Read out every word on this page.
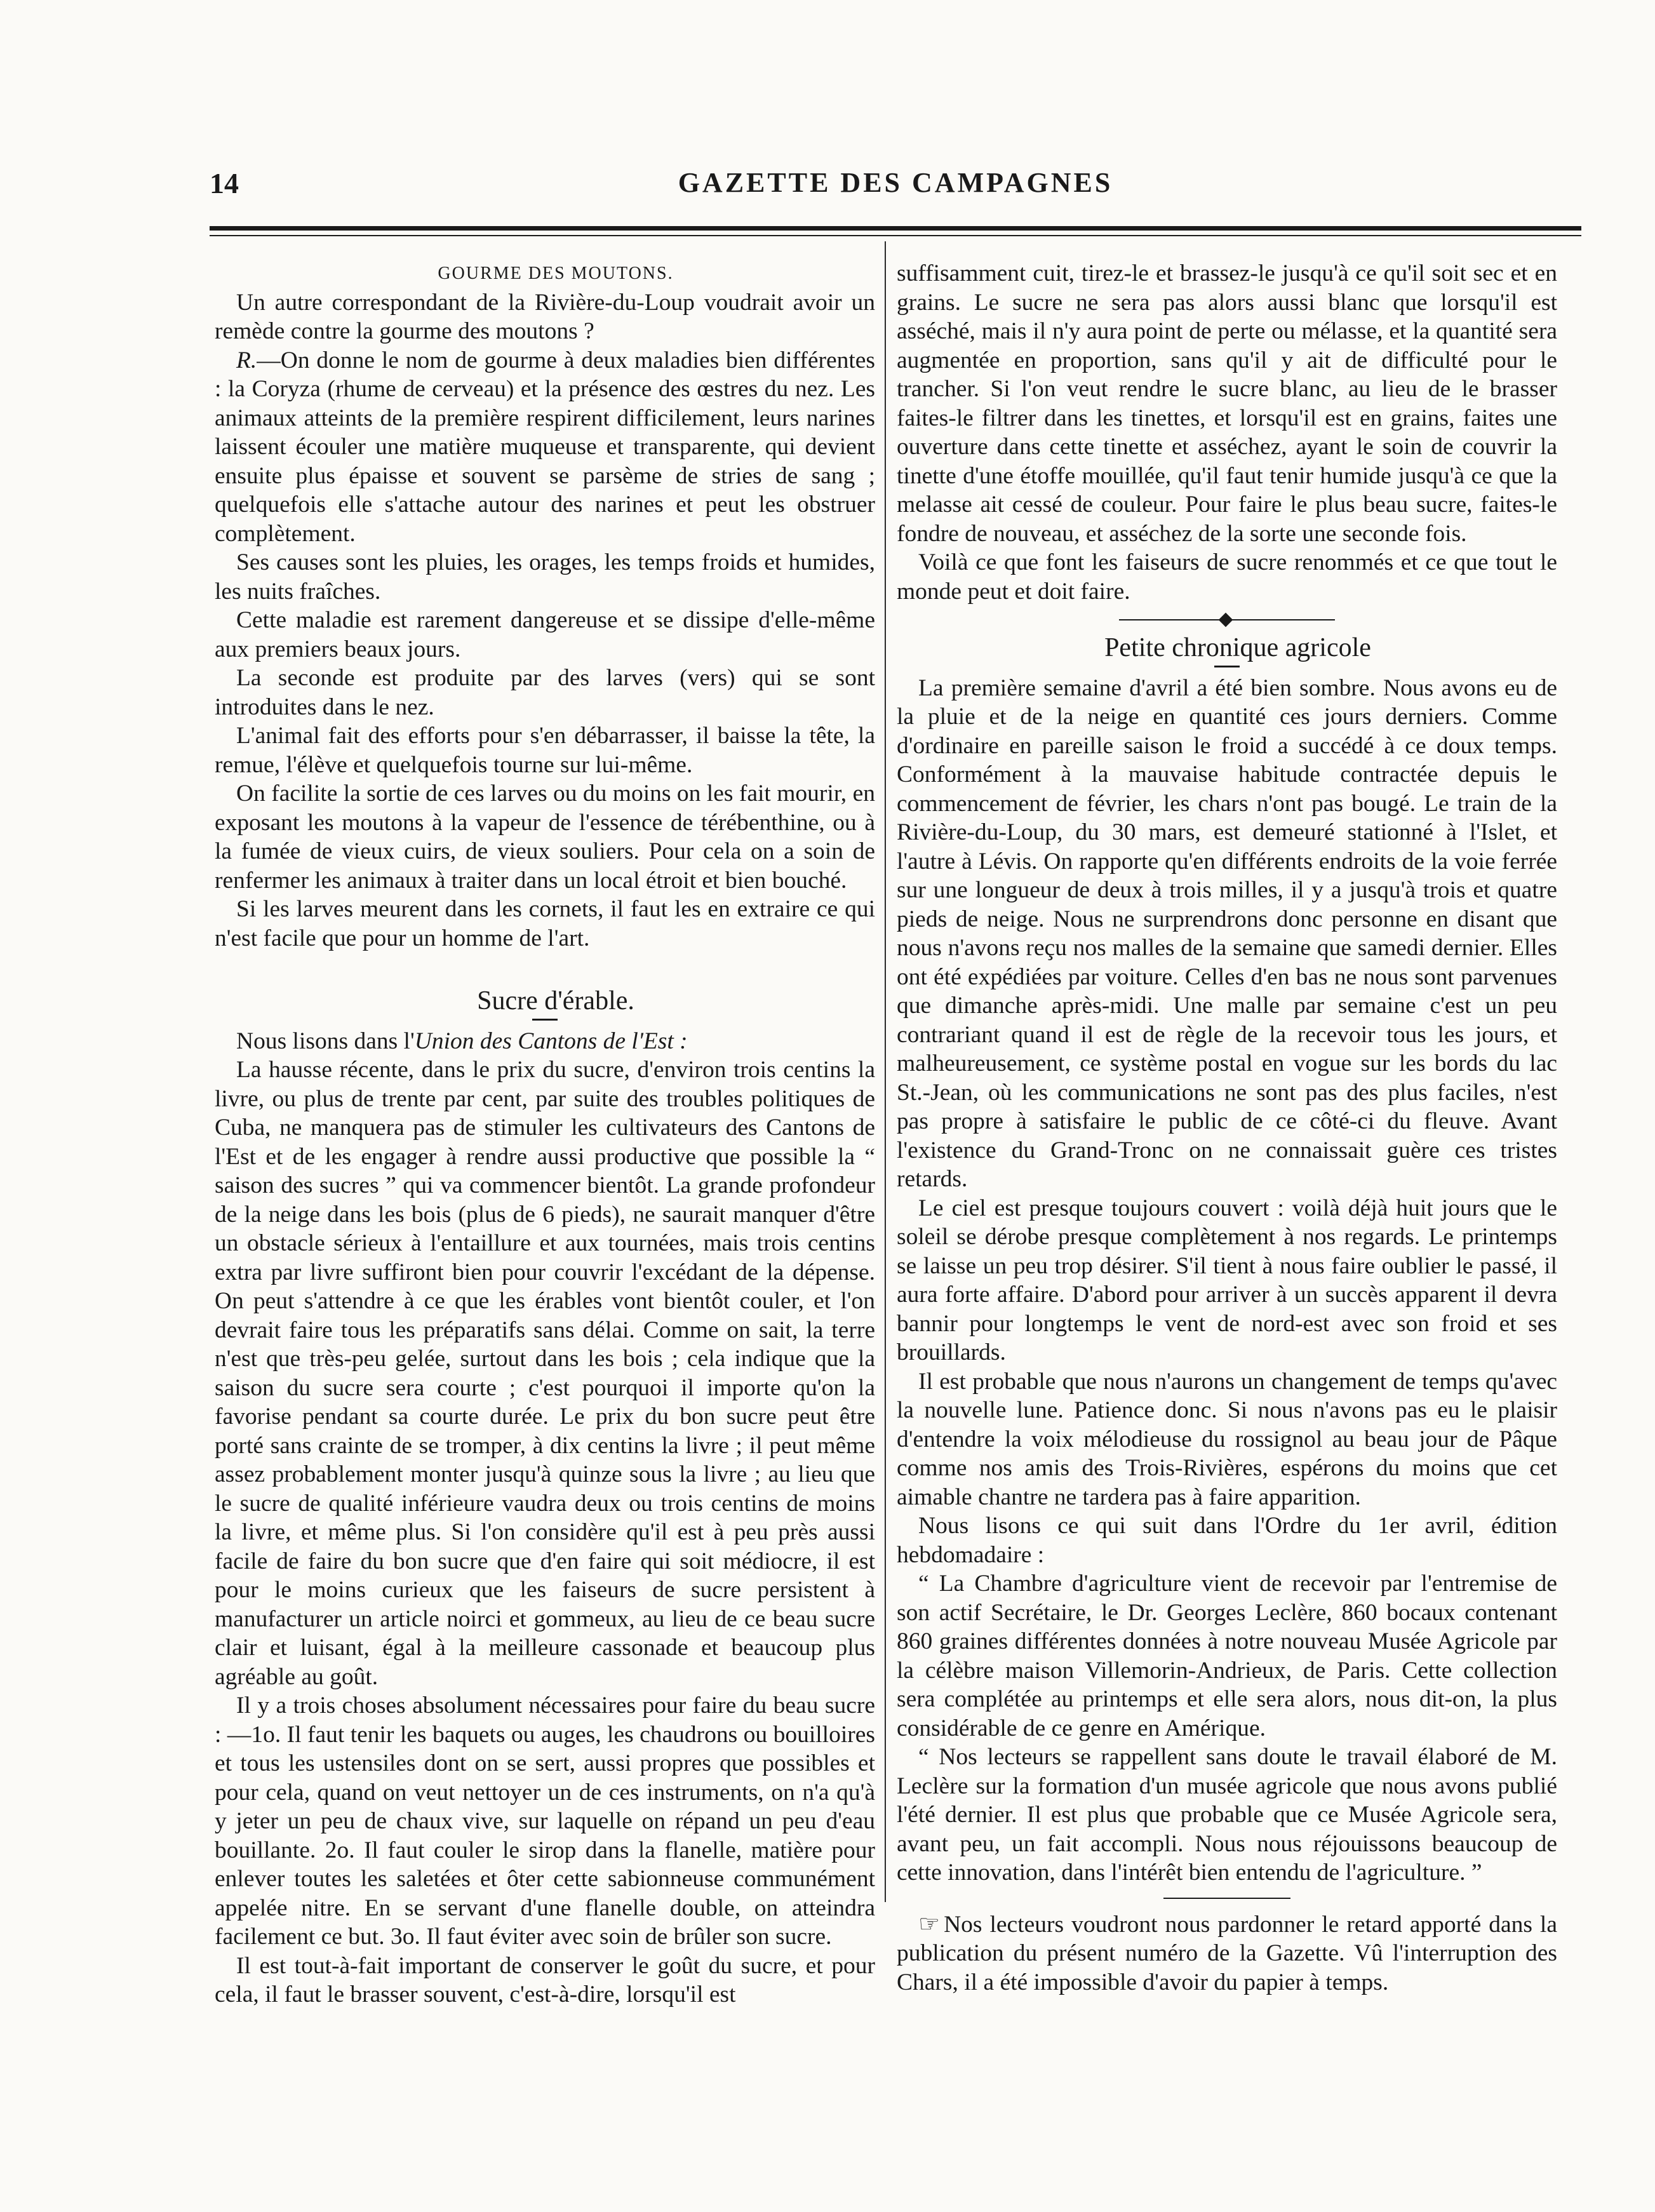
14	GAZETTE DES CAMPAGNES

GOURME DES MOUTONS.

Un autre correspondant de la Rivière-du-Loup voudrait avoir un remède contre la gourme des moutons ?

R.—On donne le nom de gourme à deux maladies bien différentes : la Coryza (rhume de cerveau) et la présence des œstres du nez. Les animaux atteints de la première respirent difficilement, leurs narines laissent écouler une matière muqueuse et transparente, qui devient ensuite plus épaisse et souvent se parsème de stries de sang ; quelquefois elle s'attache autour des narines et peut les obstruer complètement.

Ses causes sont les pluies, les orages, les temps froids et humides, les nuits fraîches.

Cette maladie est rarement dangereuse et se dissipe d'elle-même aux premiers beaux jours.

La seconde est produite par des larves (vers) qui se sont introduites dans le nez.

L'animal fait des efforts pour s'en débarrasser, il baisse la tête, la remue, l'élève et quelquefois tourne sur lui-même.

On facilite la sortie de ces larves ou du moins on les fait mourir, en exposant les moutons à la vapeur de l'essence de térébenthine, ou à la fumée de vieux cuirs, de vieux souliers. Pour cela on a soin de renfermer les animaux à traiter dans un local étroit et bien bouché.

Si les larves meurent dans les cornets, il faut les en extraire ce qui n'est facile que pour un homme de l'art.

Sucre d'érable.

Nous lisons dans l'Union des Cantons de l'Est :

La hausse récente, dans le prix du sucre, d'environ trois centins la livre, ou plus de trente par cent, par suite des troubles politiques de Cuba, ne manquera pas de stimuler les cultivateurs des Cantons de l'Est et de les engager à rendre aussi productive que possible la “ saison des sucres ” qui va commencer bientôt. La grande profondeur de la neige dans les bois (plus de 6 pieds), ne saurait manquer d'être un obstacle sérieux à l'entaillure et aux tournées, mais trois centins extra par livre suffiront bien pour couvrir l'excédant de la dépense. On peut s'attendre à ce que les érables vont bientôt couler, et l'on devrait faire tous les préparatifs sans délai. Comme on sait, la terre n'est que très-peu gelée, surtout dans les bois ; cela indique que la saison du sucre sera courte ; c'est pourquoi il importe qu'on la favorise pendant sa courte durée. Le prix du bon sucre peut être porté sans crainte de se tromper, à dix centins la livre ; il peut même assez probablement monter jusqu'à quinze sous la livre ; au lieu que le sucre de qualité inférieure vaudra deux ou trois centins de moins la livre, et même plus. Si l'on considère qu'il est à peu près aussi facile de faire du bon sucre que d'en faire qui soit médiocre, il est pour le moins curieux que les faiseurs de sucre persistent à manufacturer un article noirci et gommeux, au lieu de ce beau sucre clair et luisant, égal à la meilleure cassonade et beaucoup plus agréable au goût.

Il y a trois choses absolument nécessaires pour faire du beau sucre : —1o. Il faut tenir les baquets ou auges, les chaudrons ou bouilloires et tous les ustensiles dont on se sert, aussi propres que possibles et pour cela, quand on veut nettoyer un de ces instruments, on n'a qu'à y jeter un peu de chaux vive, sur laquelle on répand un peu d'eau bouillante. 2o. Il faut couler le sirop dans la flanelle, matière pour enlever toutes les saletées et ôter cette sabionneuse communément appelée nitre. En se servant d'une flanelle double, on atteindra facilement ce but. 3o. Il faut éviter avec soin de brûler son sucre.

Il est tout-à-fait important de conserver le goût du sucre, et pour cela, il faut le brasser souvent, c'est-à-dire, lorsqu'il est

suffisamment cuit, tirez-le et brassez-le jusqu'à ce qu'il soit sec et en grains. Le sucre ne sera pas alors aussi blanc que lorsqu'il est asséché, mais il n'y aura point de perte ou mélasse, et la quantité sera augmentée en proportion, sans qu'il y ait de difficulté pour le trancher. Si l'on veut rendre le sucre blanc, au lieu de le brasser faites-le filtrer dans les tinettes, et lorsqu'il est en grains, faites une ouverture dans cette tinette et asséchez, ayant le soin de couvrir la tinette d'une étoffe mouillée, qu'il faut tenir humide jusqu'à ce que la melasse ait cessé de couleur. Pour faire le plus beau sucre, faites-le fondre de nouveau, et asséchez de la sorte une seconde fois.

Voilà ce que font les faiseurs de sucre renommés et ce que tout le monde peut et doit faire.

Petite chronique agricole

La première semaine d'avril a été bien sombre. Nous avons eu de la pluie et de la neige en quantité ces jours derniers. Comme d'ordinaire en pareille saison le froid a succédé à ce doux temps. Conformément à la mauvaise habitude contractée depuis le commencement de février, les chars n'ont pas bougé. Le train de la Rivière-du-Loup, du 30 mars, est demeuré stationné à l'Islet, et l'autre à Lévis. On rapporte qu'en différents endroits de la voie ferrée sur une longueur de deux à trois milles, il y a jusqu'à trois et quatre pieds de neige. Nous ne surprendrons donc personne en disant que nous n'avons reçu nos malles de la semaine que samedi dernier. Elles ont été expédiées par voiture. Celles d'en bas ne nous sont parvenues que dimanche après-midi. Une malle par semaine c'est un peu contrariant quand il est de règle de la recevoir tous les jours, et malheureusement, ce système postal en vogue sur les bords du lac St.-Jean, où les communications ne sont pas des plus faciles, n'est pas propre à satisfaire le public de ce côté-ci du fleuve. Avant l'existence du Grand-Tronc on ne connaissait guère ces tristes retards.

Le ciel est presque toujours couvert : voilà déjà huit jours que le soleil se dérobe presque complètement à nos regards. Le printemps se laisse un peu trop désirer. S'il tient à nous faire oublier le passé, il aura forte affaire. D'abord pour arriver à un succès apparent il devra bannir pour longtemps le vent de nord-est avec son froid et ses brouillards.

Il est probable que nous n'aurons un changement de temps qu'avec la nouvelle lune. Patience donc. Si nous n'avons pas eu le plaisir d'entendre la voix mélodieuse du rossignol au beau jour de Pâque comme nos amis des Trois-Rivières, espérons du moins que cet aimable chantre ne tardera pas à faire apparition.

Nous lisons ce qui suit dans l'Ordre du 1er avril, édition hebdomadaire :

“ La Chambre d'agriculture vient de recevoir par l'entremise de son actif Secrétaire, le Dr. Georges Leclère, 860 bocaux contenant 860 graines différentes données à notre nouveau Musée Agricole par la célèbre maison Villemorin-Andrieux, de Paris. Cette collection sera complétée au printemps et elle sera alors, nous dit-on, la plus considérable de ce genre en Amérique.

“ Nos lecteurs se rappellent sans doute le travail élaboré de M. Leclère sur la formation d'un musée agricole que nous avons publié l'été dernier. Il est plus que probable que ce Musée Agricole sera, avant peu, un fait accompli. Nous nous réjouissons beaucoup de cette innovation, dans l'intérêt bien entendu de l'agriculture. ”

☞ Nos lecteurs voudront nous pardonner le retard apporté dans la publication du présent numéro de la Gazette. Vû l'interruption des Chars, il a été impossible d'avoir du papier à temps.
